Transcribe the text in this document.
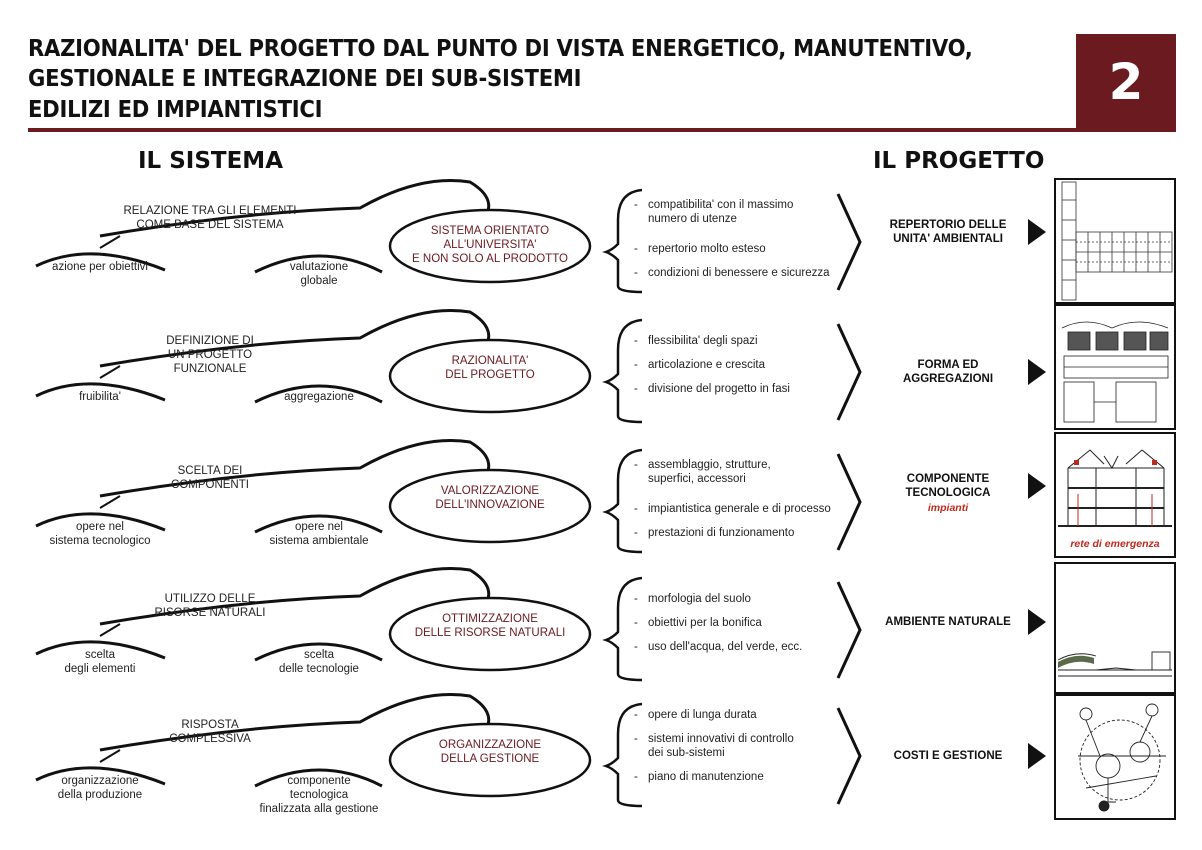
RAZIONALITA' DEL PROGETTO DAL PUNTO DI VISTA ENERGETICO, MANUTENTIVO,
GESTIONALE E INTEGRAZIONE DEI SUB-SISTEMI
EDILIZI ED IMPIANTISTICI	2
IL SISTEMA	IL PROGETTO
RELAZIONE TRA GLI ELEMENTI
COME BASE DEL SISTEMA
azione per obiettivi	valutazione
globale
SISTEMA ORIENTATO
ALL'UNIVERSITA'
E NON SOLO AL PRODOTTO
- compatibilita' con il massimo
numero di utenze
- repertorio molto esteso
- condizioni di benessere e sicurezza
REPERTORIO DELLE
UNITA' AMBIENTALI
DEFINIZIONE DI
UN PROGETTO
FUNZIONALE
fruibilita'	aggregazione
RAZIONALITA'
DEL PROGETTO
- flessibilita' degli spazi
- articolazione e crescita
- divisione del progetto in fasi
FORMA ED
AGGREGAZIONI
SCELTA DEI
COMPONENTI
opere nel
sistema tecnologico
opere nel
sistema ambientale
VALORIZZAZIONE
DELL'INNOVAZIONE
- assemblaggio, strutture,
superfici, accessori
- impiantistica generale e di processo
- prestazioni di funzionamento
COMPONENTE
TECNOLOGICA
impianti
UTILIZZO DELLE
RISORSE NATURALI
scelta
degli elementi
scelta
delle tecnologie
OTTIMIZZAZIONE
DELLE RISORSE NATURALI
- morfologia del suolo
- obiettivi per la bonifica
- uso dell'acqua, del verde, ecc.
AMBIENTE NATURALE
RISPOSTA
COMPLESSIVA
organizzazione
della produzione
componente
tecnologica
finalizzata alla gestione
ORGANIZZAZIONE
DELLA GESTIONE
- opere di lunga durata
- sistemi innovativi di controllo
dei sub-sistemi
- piano di manutenzione
COSTI E GESTIONE
rete di emergenza
